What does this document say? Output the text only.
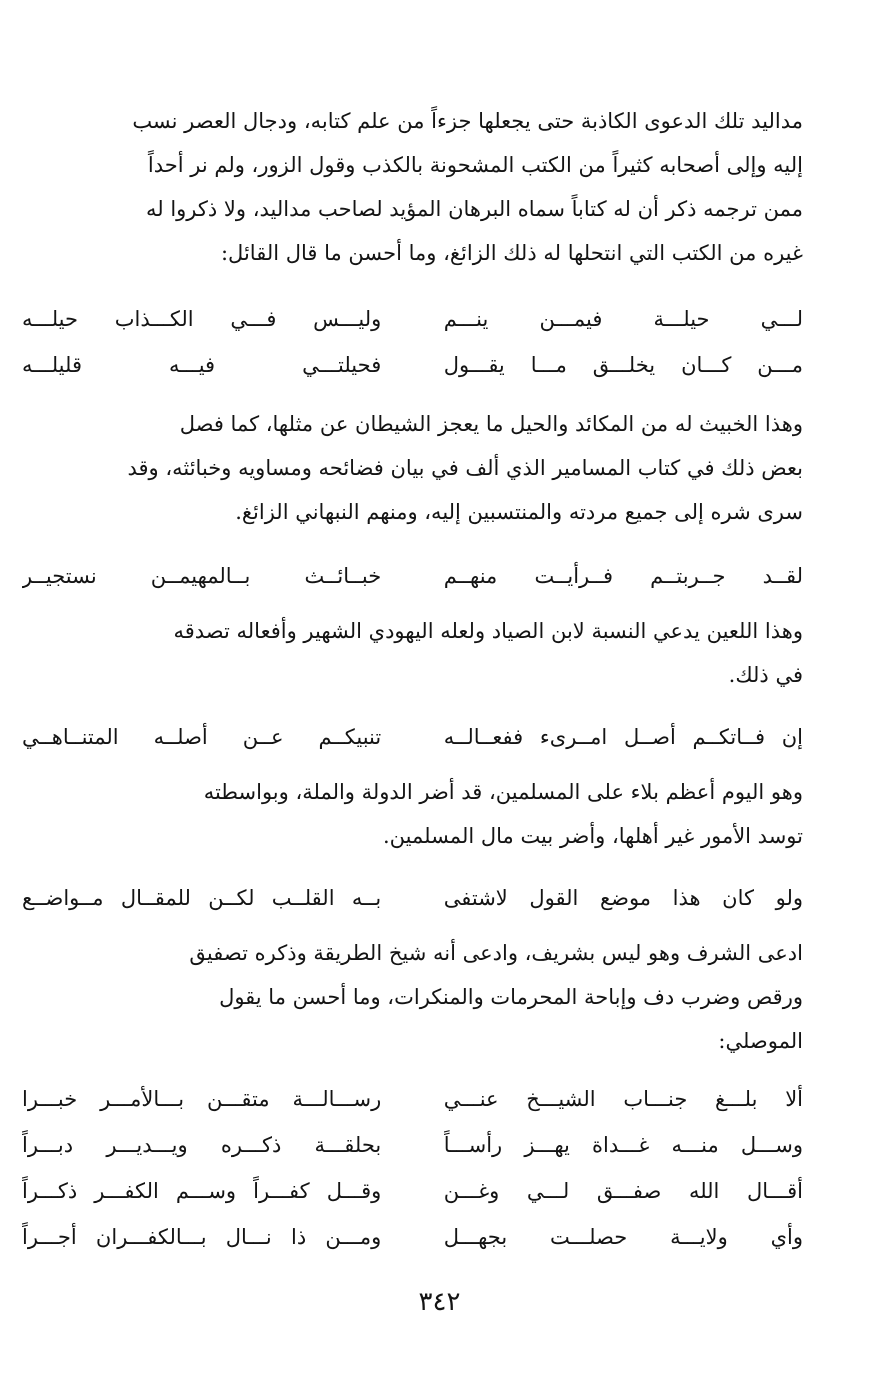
مداليد تلك الدعوى الكاذبة حتى يجعلها جزءاً من علم كتابه، ودجال العصر نسب

إليه وإلى أصحابه كثيراً من الكتب المشحونة بالكذب وقول الزور، ولم نر أحداً

ممن ترجمه ذكر أن له كتاباً سماه البرهان المؤيد لصاحب مداليد، ولا ذكروا له

غيره من الكتب التي انتحلها له ذلك الزائغ، وما أحسن ما قال القائل:

لـــي حيلـــة فيمـــن ينـــم
وليـــس فـــي الكـــذاب حيلـــه
مـــن كـــان يخلـــق مـــا يقـــول
فحيلتـــي فيـــه قليلـــه

وهذا الخبيث له من المكائد والحيل ما يعجز الشيطان عن مثلها، كما فصل

بعض ذلك في كتاب المسامير الذي ألف في بيان فضائحه ومساويه وخبائثه، وقد

سرى شره إلى جميع مردته والمنتسبين إليه، ومنهم النبهاني الزائغ.

لقــد جــربتــم فــرأيــت منهــم
خبــائــث بــالمهيمــن نستجيــر

وهذا اللعين يدعي النسبة لابن الصياد ولعله اليهودي الشهير وأفعاله تصدقه

في ذلك.

إن فــاتكــم أصــل امــرىء ففعــالــه
تنبيكــم عــن أصلــه المتنــاهــي

وهو اليوم أعظم بلاء على المسلمين، قد أضر الدولة والملة، وبواسطته

توسد الأمور غير أهلها، وأضر بيت مال المسلمين.

ولو كان هذا موضع القول لاشتفى
بــه القلــب لكــن للمقــال مــواضــع

ادعى الشرف وهو ليس بشريف، وادعى أنه شيخ الطريقة وذكره تصفيق

ورقص وضرب دف وإباحة المحرمات والمنكرات، وما أحسن ما يقول

الموصلي:

ألا بلـــغ جنـــاب الشيـــخ عنـــي
رســـالـــة متقـــن بـــالأمـــر خبـــرا
وســـل منـــه غـــداة يهـــز رأســـاً
بحلقـــة ذكـــره ويـــديـــر دبـــراً
أقـــال الله صفـــق لـــي وغـــن
وقـــل كفـــراً وســـم الكفـــر ذكـــراً
وأي ولايـــة حصلـــت بجهـــل
ومـــن ذا نـــال بـــالكفـــران أجـــراً
٣٤٢
